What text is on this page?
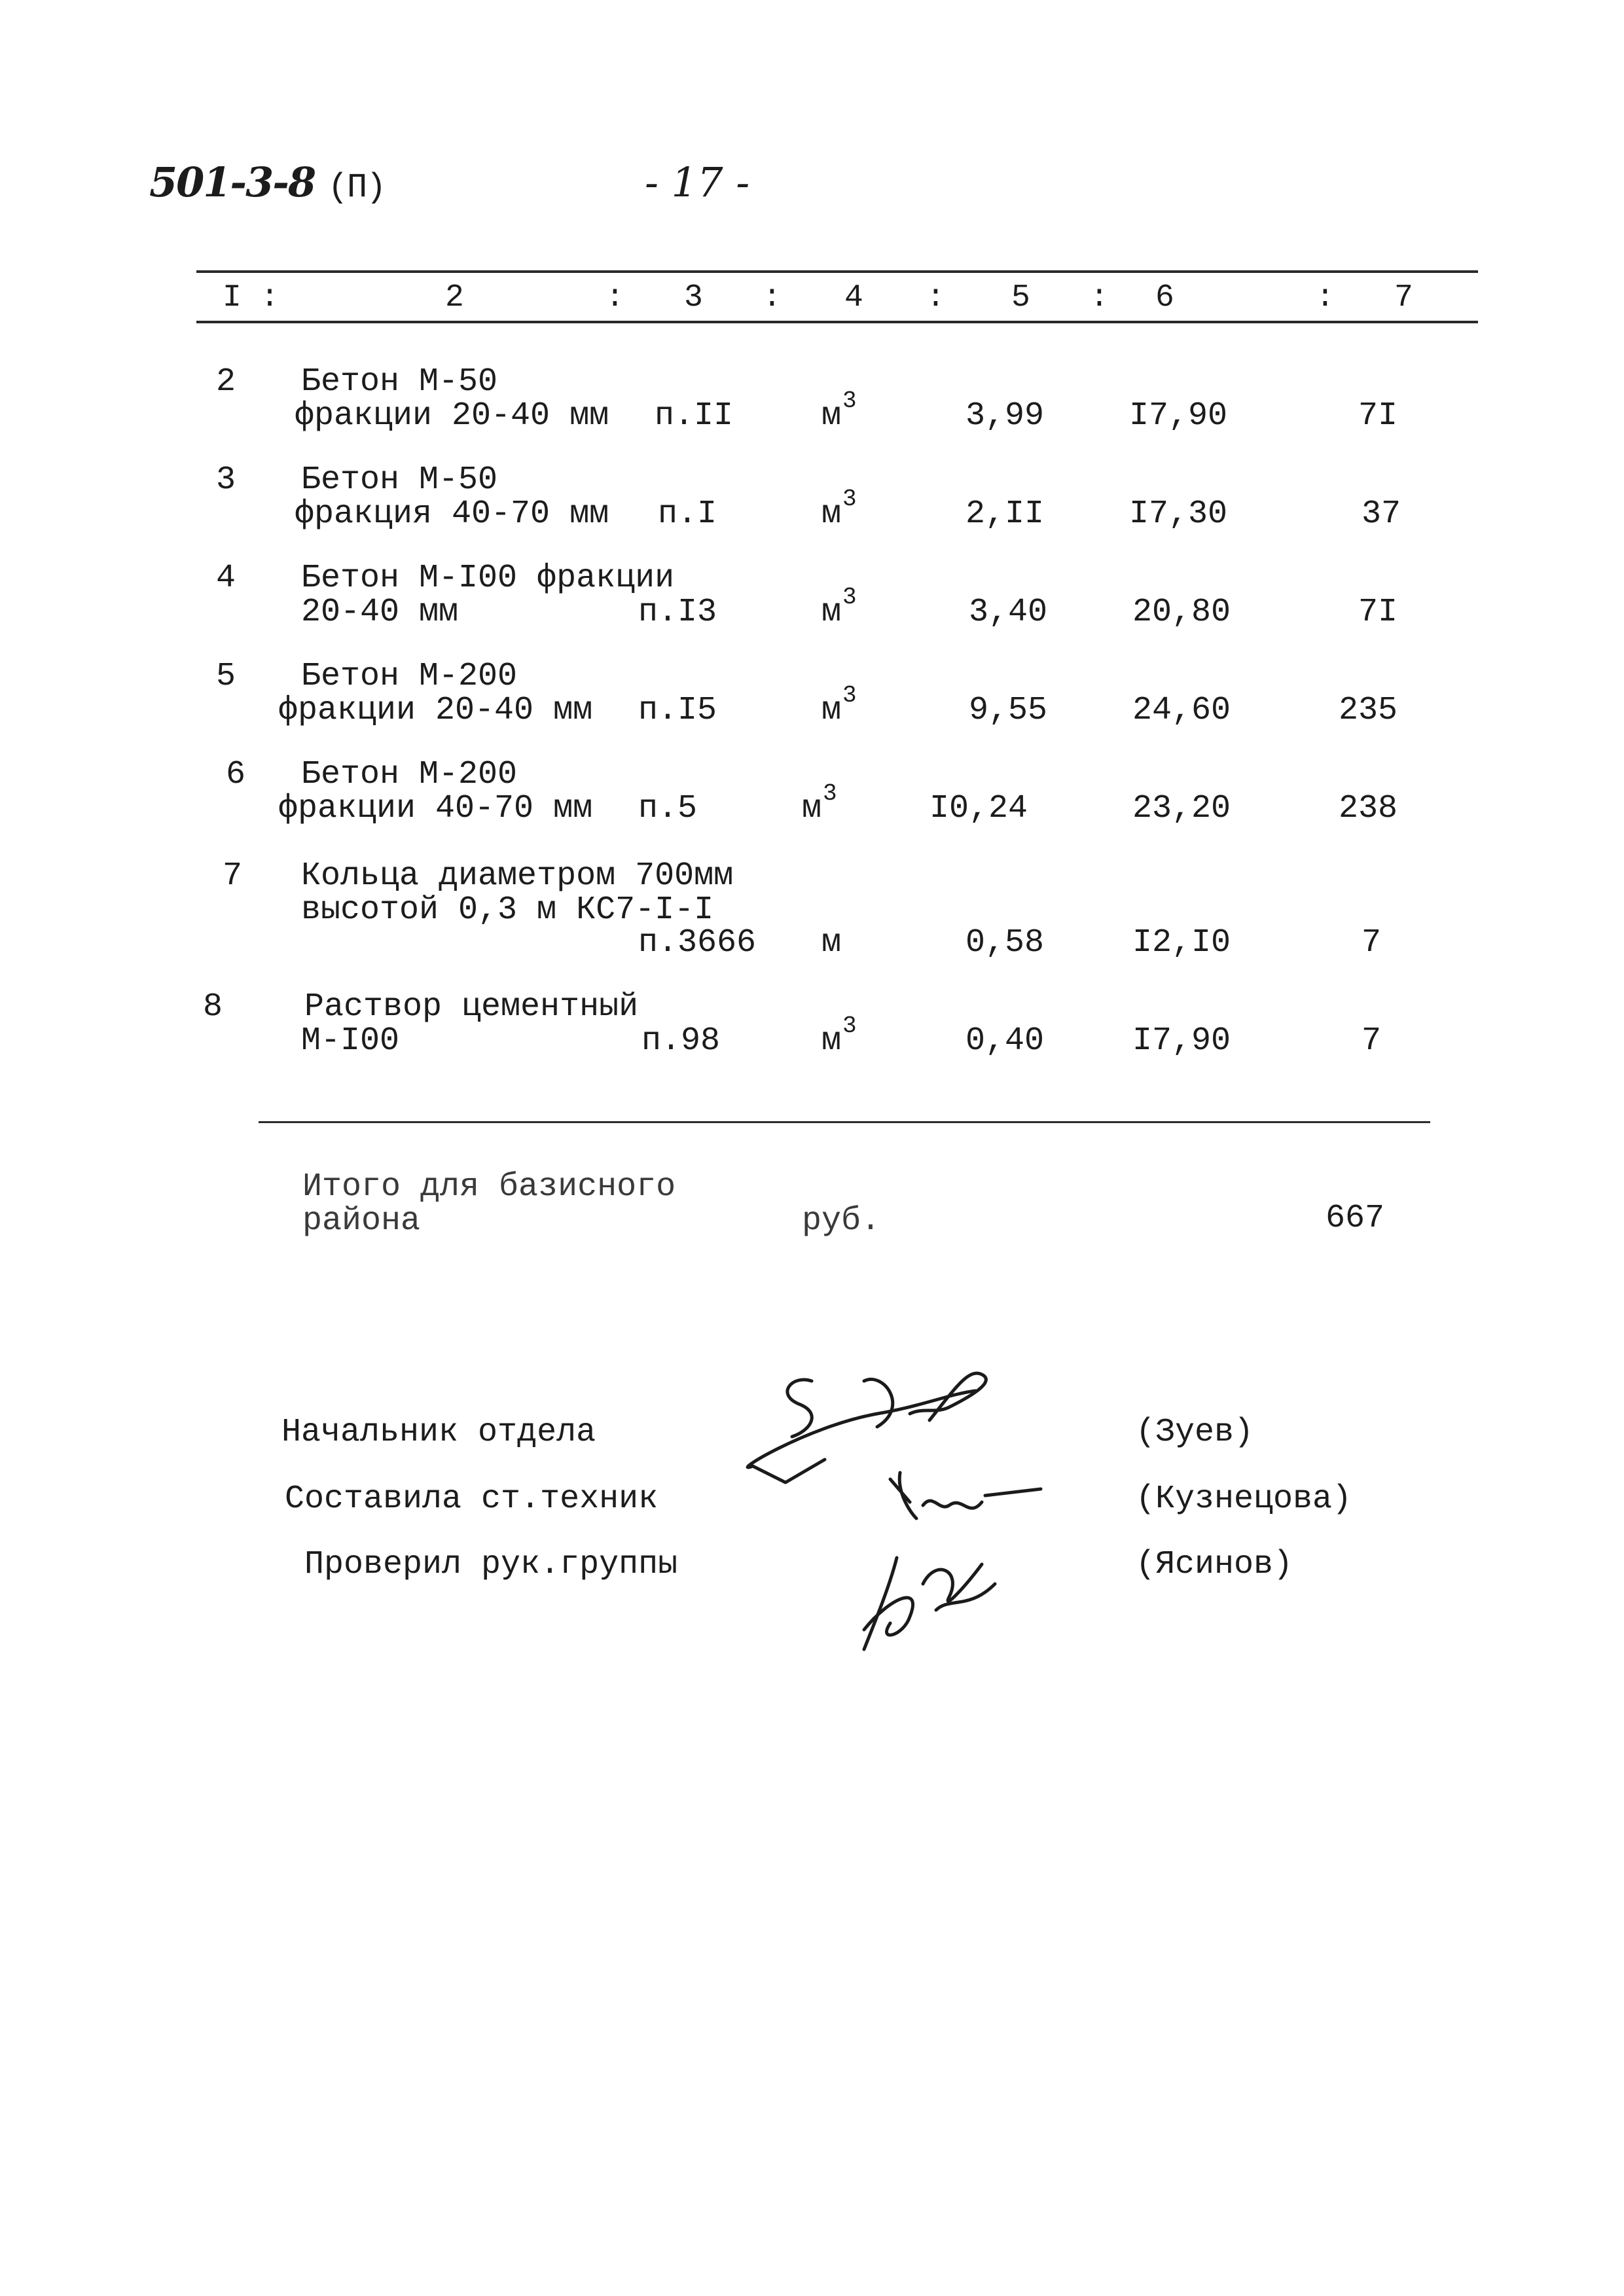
501-3-8 (П)	- 17 -
I :	2	: 3 : 4 : 5 : 6	: 7
2 Бетон М-50
фракции 20-40 мм п.II	$м^3$	3,99	I7,90	7I
3 Бетон М-50
фракция 40-70 мм п.I	$м^3$	2,II	I7,30	37
4 Бетон М-I00 фракции
20-40 мм	п.I3	$м^3$	3,40	20,80	7I
5 Бетон М-200
фракции 20-40 мм п.I5	$м^3$	9,55	24,60	235
6 Бетон М-200
фракции 40-70 мм п.5	$м^3$	I0,24	23,20	238
7 Кольца диаметром 700мм
высотой 0,3 м КС7-I-I
п.3666 м	0,58	I2,I0	7
8 Раствор цементный
М-I00	п.98	$м^3$	0,40	I7,90	7
Итого для базисного
района	руб.	667
Начальник отдела	(Зуев)
Составила ст.техник	(Кузнецова)
Проверил рук.группы	(Ясинов)
